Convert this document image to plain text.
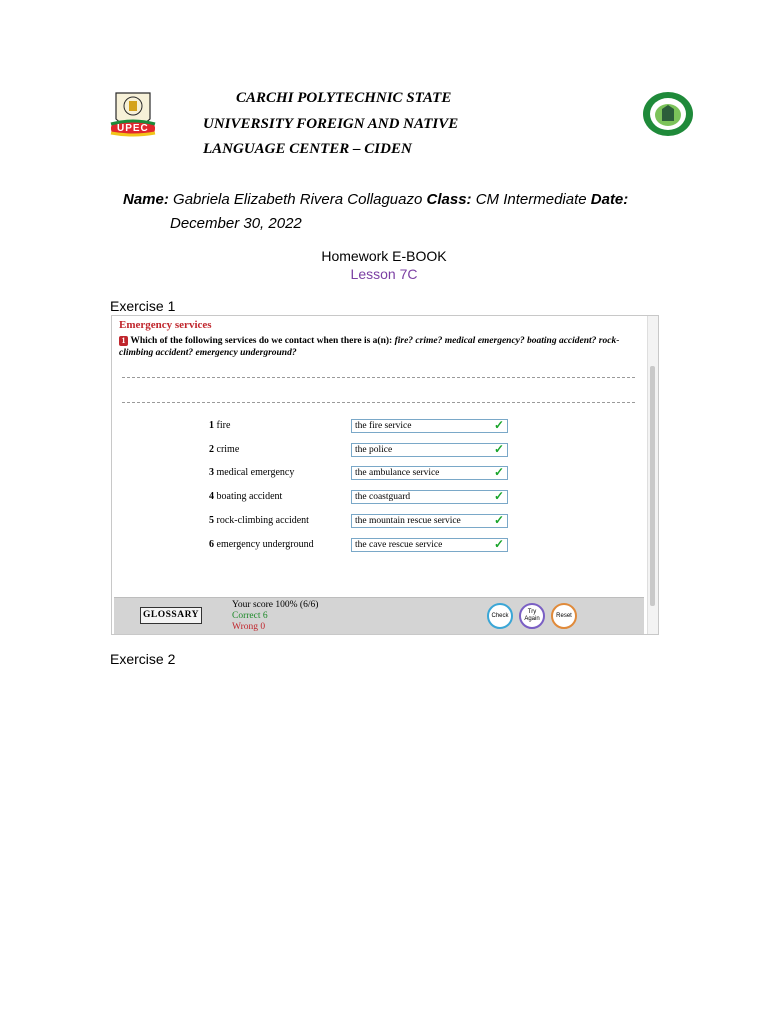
UPEC
CARCHI POLYTECHNIC STATE
UNIVERSITY FOREIGN AND NATIVE
LANGUAGE CENTER – CIDEN
Name: Gabriela Elizabeth Rivera Collaguazo Class: CM Intermediate Date:
December 30, 2022
Homework E-BOOK
Lesson 7C
Exercise 1
Emergency services
1 Which of the following services do we contact when there is a(n): fire? crime? medical emergency? boating accident? rock-climbing accident? emergency underground?
1 fire	the fire service	✓
2 crime	the police	✓
3 medical emergency	the ambulance service	✓
4 boating accident	the coastguard	✓
5 rock-climbing accident	the mountain rescue service	✓
6 emergency underground	the cave rescue service	✓
GLOSSARY
Your score 100% (6/6)
Correct 6
Wrong 0
Check
Try
Again
Reset
Exercise 2
